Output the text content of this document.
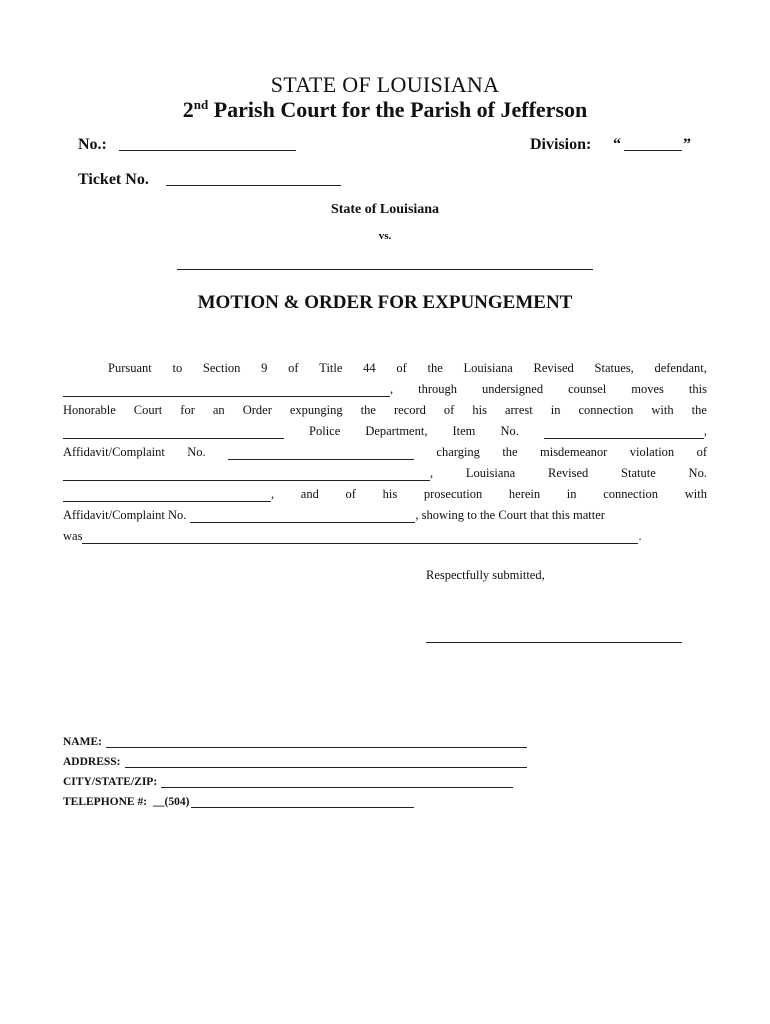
STATE OF LOUISIANA
2nd Parish Court for the Parish of Jefferson
No.:	Division: “	”
Ticket No.
State of Louisiana
vs.
MOTION & ORDER FOR EXPUNGEMENT
Pursuant to Section 9 of Title 44 of the Louisiana Revised Statues, defendant,
, through undersigned counsel moves this
Honorable Court for an Order expunging the record of his arrest in connection with the
Police Department, Item No.	,
Affidavit/Complaint No.	charging the misdemeanor violation of
,	Louisiana	Revised	Statute	No.
, and of his prosecution herein in connection with
Affidavit/Complaint No.	, showing to the Court that this matter
was	.
Respectfully submitted,
NAME:
ADDRESS:
CITY/STATE/ZIP:
TELEPHONE #: __(504)
